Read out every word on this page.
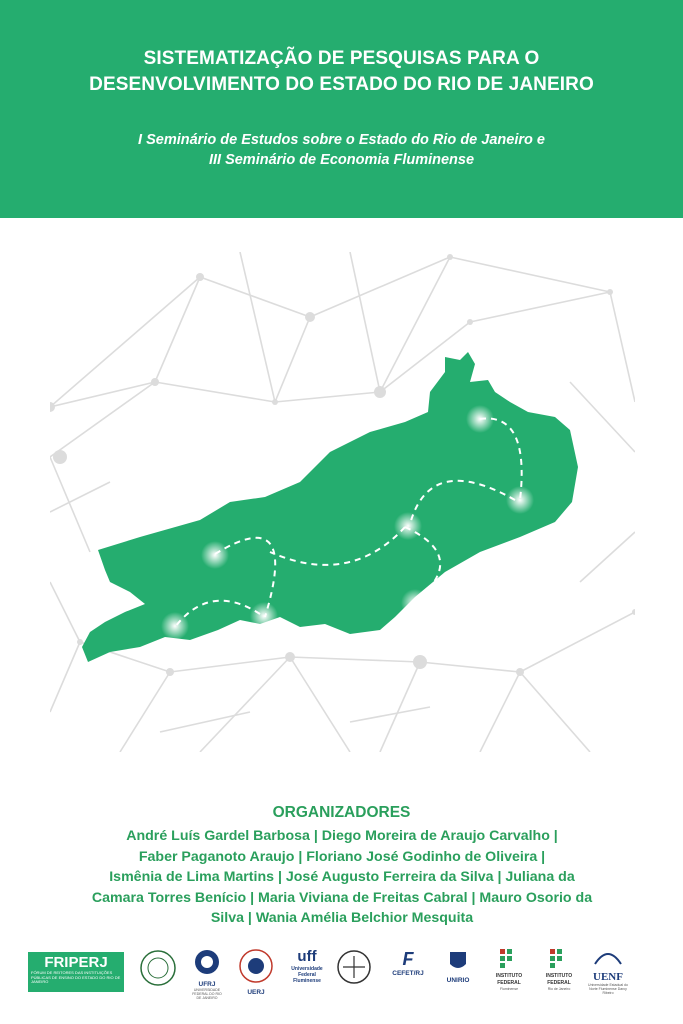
SISTEMATIZAÇÃO DE PESQUISAS PARA O
DESENVOLVIMENTO DO ESTADO DO RIO DE JANEIRO
I Seminário de Estudos sobre o Estado do Rio de Janeiro e
III Seminário de Economia Fluminense
ORGANIZADORES

André Luís Gardel Barbosa | Diego Moreira de Araujo Carvalho |

Faber Paganoto Araujo | Floriano José Godinho de Oliveira |

Ismênia de Lima Martins | José Augusto Ferreira da Silva | Juliana da

Camara Torres Benício | Maria Viviana de Freitas Cabral | Mauro Osorio da

Silva | Wania Amélia Belchior Mesquita

FRIPERJ
FÓRUM DE REITORES DAS INSTITUIÇÕES PÚBLICAS DE ENSINO DO ESTADO DO RIO DE JANEIRO	UFRJ
UNIVERSIDADE FEDERAL DO RIO DE JANEIRO
UERJ
uff
Universidade Federal Fluminense
F
CEFET/RJ
UNIRIO
INSTITUTO FEDERAL
Fluminense
INSTITUTO FEDERAL
Rio de Janeiro
UENF
Universidade Estadual do Norte Fluminense Darcy Ribeiro
